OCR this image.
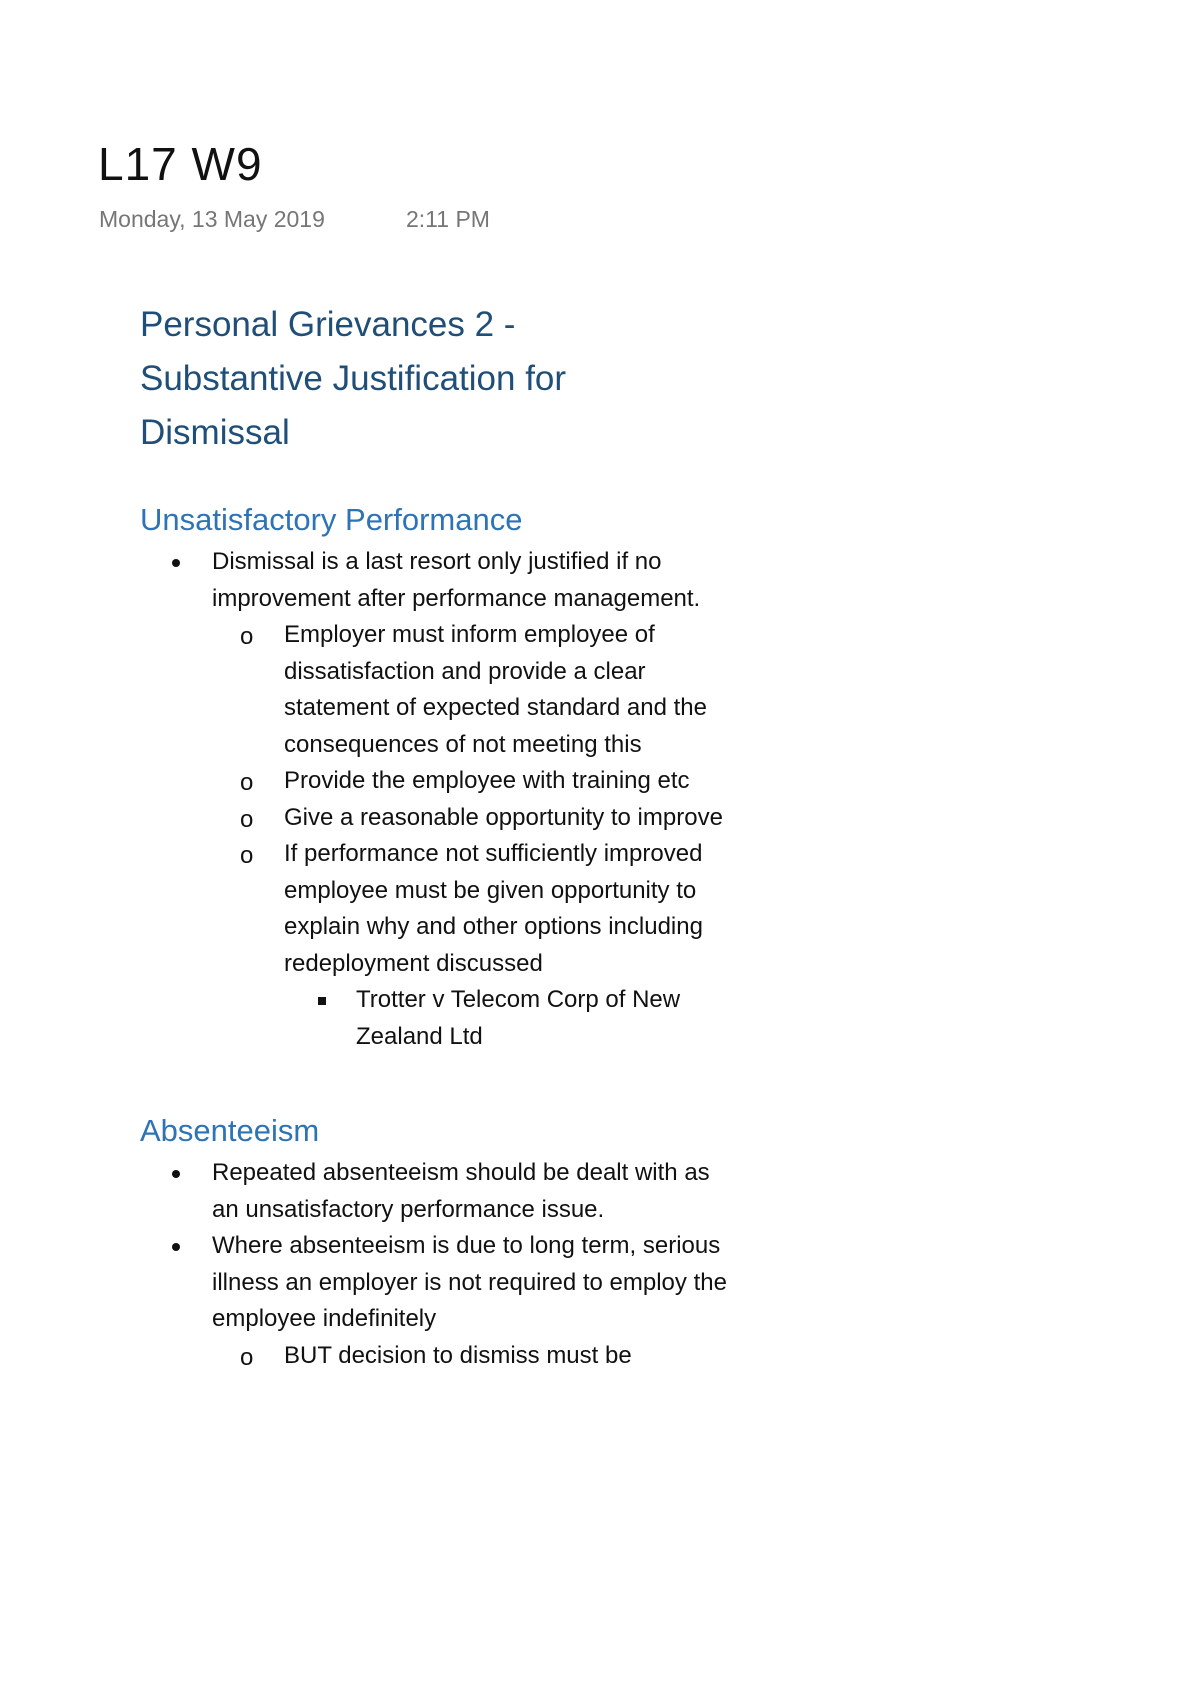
L17 W9
Monday, 13 May 2019	2:11 PM
Personal Grievances 2 -
Substantive Justification for
Dismissal
Unsatisfactory Performance
Dismissal is a last resort only justified if no improvement after performance management.
o Employer must inform employee of dissatisfaction and provide a clear statement of expected standard and the consequences of not meeting this
o Provide the employee with training etc
o Give a reasonable opportunity to improve
o If performance not sufficiently improved employee must be given opportunity to explain why and other options including redeployment discussed
Trotter v Telecom Corp of New Zealand Ltd
Absenteeism
Repeated absenteeism should be dealt with as an unsatisfactory performance issue.
Where absenteeism is due to long term, serious illness an employer is not required to employ the employee indefinitely
o BUT decision to dismiss must be
